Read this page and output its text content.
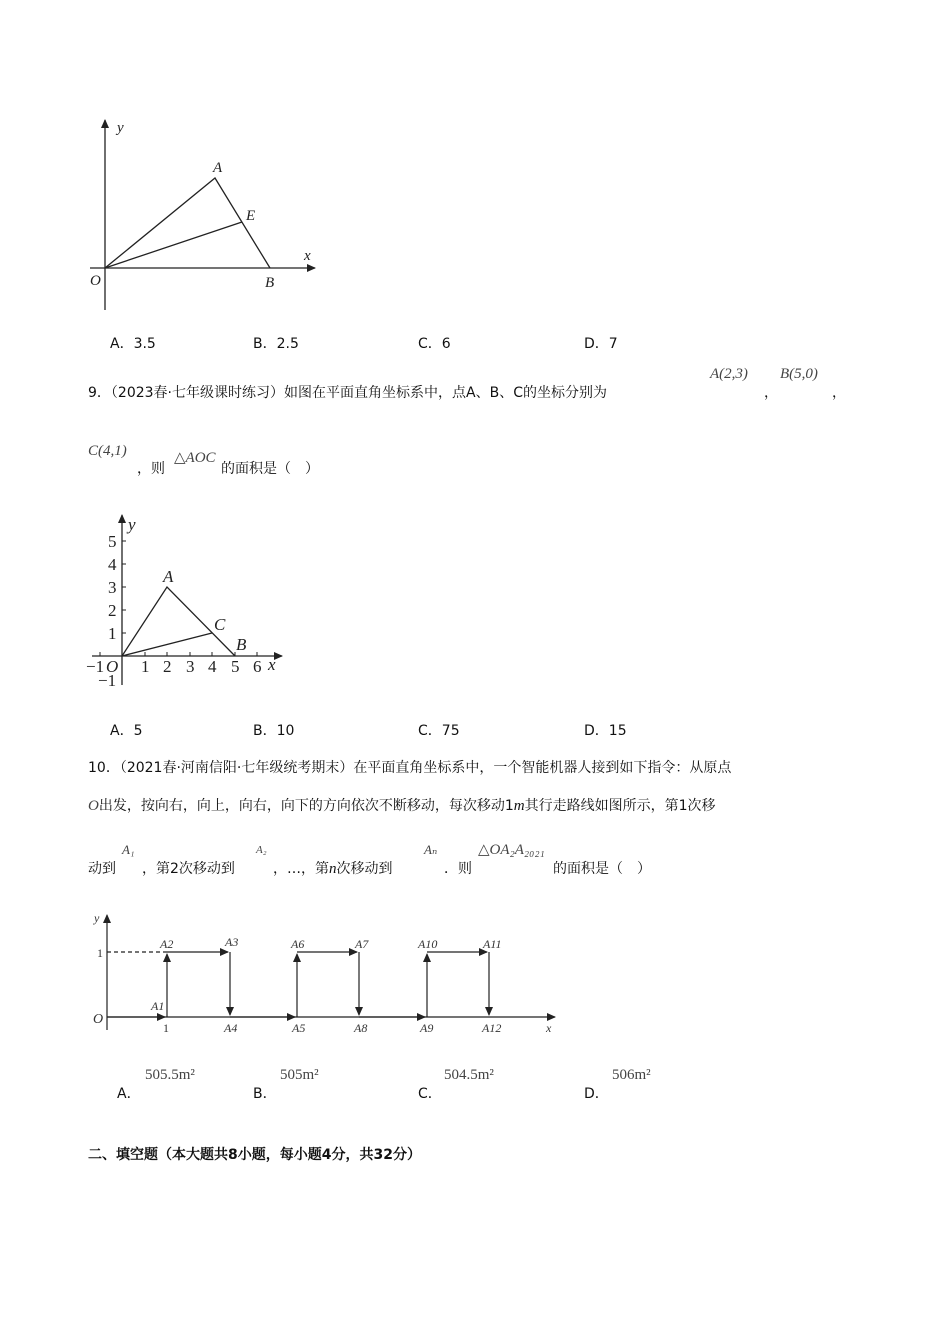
y
x
O
A
E
B
y
x
O
A
C
B
−1 1 2 3 4 5 6
1
2
3
4
5
−1
y
x
O
1
1
A1
A2	A3
A4	A5
A6	A7
A8	A9
A10	A11
A12
A．3.5	B．2.5	C．6	D．7
9．（2023春·七年级课时练习）如图在平面直角坐标系中，点A、B、C的坐标分别为
A(2,3)
，
B(5,0)
，
C(4,1)
，则
△AOC
的面积是（　）
A．5	B．10	C．75	D．15
10．（2021春·河南信阳·七年级统考期末）在平面直角坐标系中，一个智能机器人接到如下指令：从原点
O出发，按向右，向上，向右，向下的方向依次不断移动，每次移动1m其行走路线如图所示，第1次移
动到
A₁
，第2次移动到
A₂
，…，第n次移动到
Aₙ
．则
△OA₂A₂₀₂₁
的面积是（　）
A．
505.5m²
B．
505m²
C．
504.5m²
D．
506m²
二、填空题（本大题共8小题，每小题4分，共32分）
